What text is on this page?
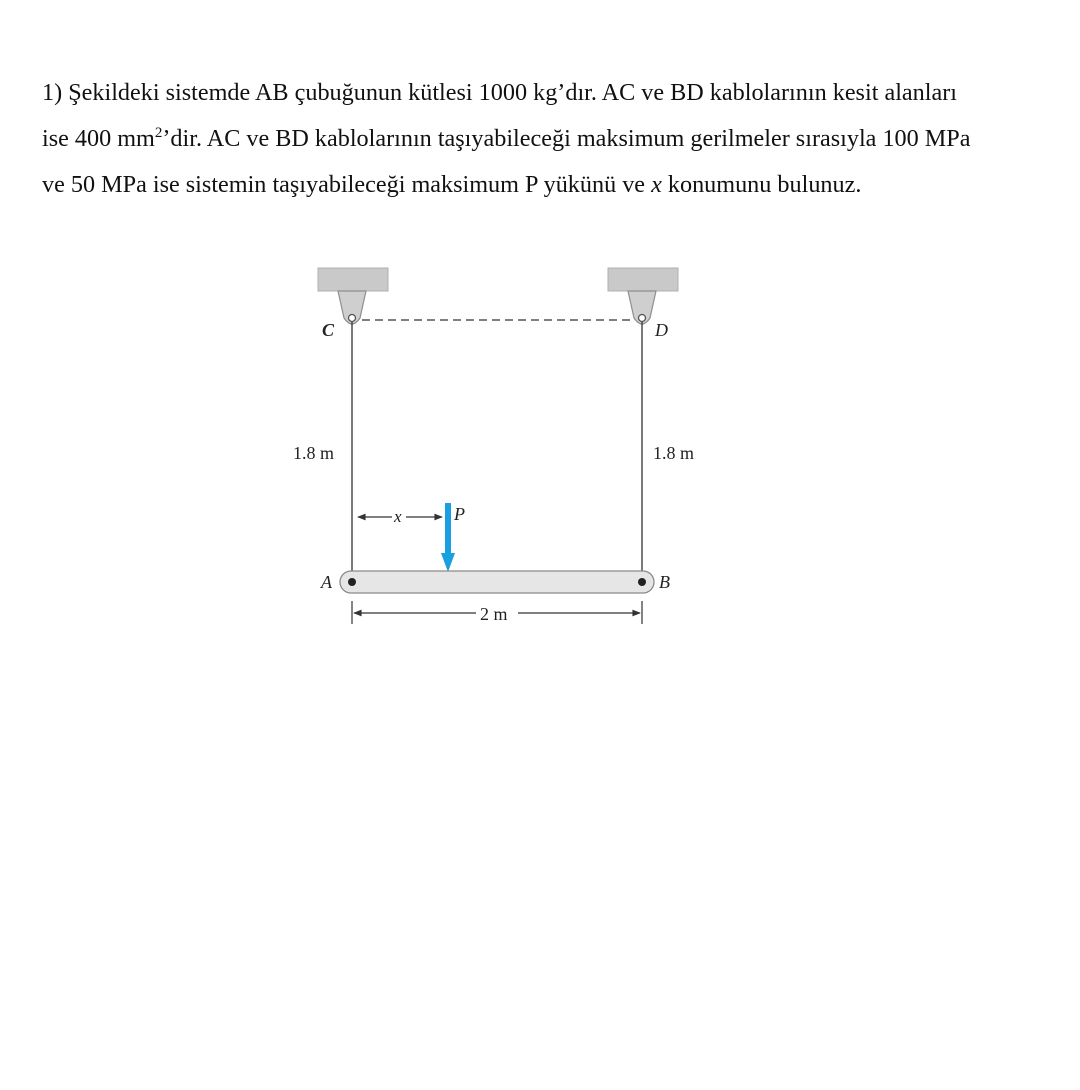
1) Şekildeki sistemde AB çubuğunun kütlesi 1000 kg’dır. AC ve BD kablolarının kesit alanları
ise 400 $mm^2’dir$. AC ve BD kablolarının taşıyabileceği maksimum gerilmeler sırasıyla 100 MPa
ve 50 MPa ise sistemin taşıyabileceği maksimum P yükünü ve x konumunu bulunuz.
C	D
1.8 m	1.8 m
x	P
A	B
2 m
